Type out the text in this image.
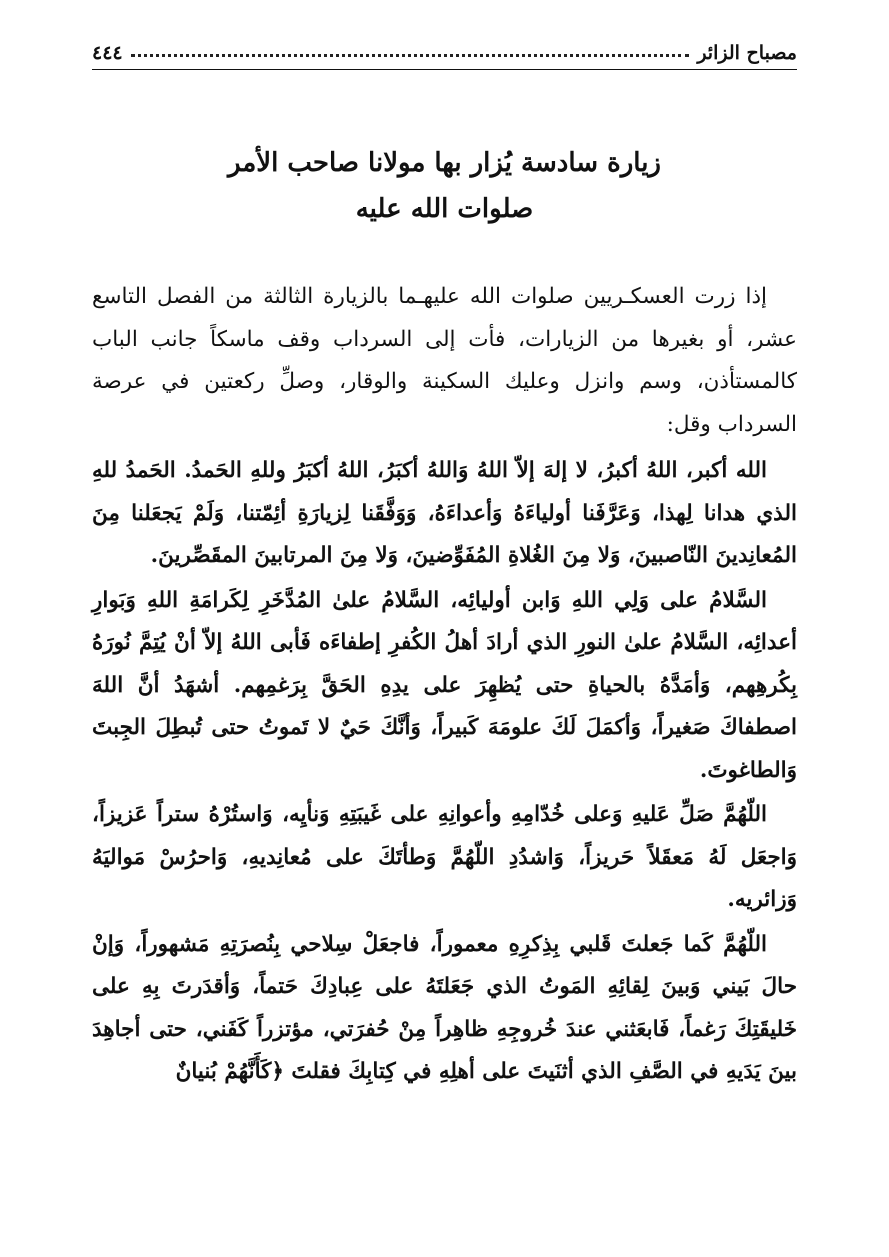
٤٤٤	مصباح الزائر
زيارة سادسة يُزار بها مولانا صاحب الأمر
صلوات الله عليه

إذا زرت العسكـريين صلوات الله عليهـما بالزيارة الثالثة من الفصل التاسع عشر، أو بغيرها من الزيارات، فأت إلى السرداب وقف ماسكاً جانب الباب كالمستأذن، وسم وانزل وعليك السكينة والوقار، وصلِّ ركعتين في عرصة السرداب وقل:

الله أكبر، اللهُ أكبرُ، لا إلهَ إلاّ اللهُ وَاللهُ أكبَرُ، اللهُ أكبَرُ وللهِ الحَمدُ. الحَمدُ للهِ الذي هدانا لِهذا، وَعَرَّفَنا أولياءَهُ وَأعداءَهُ، وَوَفَّقَنا لِزيارَةِ أئِمّتنا، وَلَمْ يَجعَلنا مِنَ المُعانِدينَ النّاصبينَ، وَلا مِنَ الغُلاةِ المُفَوِّضينَ، وَلا مِنَ المرتابينَ المقَصِّرينَ.

السَّلامُ على وَلِي اللهِ وَابن أوليائِه، السَّلامُ علىٰ المُدَّخَرِ لِكَرامَةِ اللهِ وَبَوارِ أعدائِه، السَّلامُ علىٰ النورِ الذي أرادَ أهلُ الكُفرِ إطفاءَه فَأبى اللهُ إلاّ أنْ يُتِمَّ نُورَهُ بِكُرهِهم، وَأمَدَّهُ بالحياةِ حتى يُظهِرَ على يدِهِ الحَقَّ بِرَغمِهم. أشهَدُ أنَّ اللهَ اصطفاكَ صَغيراً، وَأكمَلَ لَكَ علومَهَ كَبيراً، وَأنَّكَ حَيٌ لا تَموتُ حتى تُبطِلَ الجِبتَ وَالطاغوتَ.

اللّهُمَّ صَلِّ عَليهِ وَعلى خُدّامِهِ وأعوانِهِ على غَيبَتِهِ وَنأيِه، وَاستُرْهُ ستراً عَزيزاً، وَاجعَل لَهُ مَعقَلاً حَريزاً، وَاشدُدِ اللّهُمَّ وَطأتَكَ على مُعانِديهِ، وَاحرُسْ مَواليَهُ وَزائريه.

اللّهُمَّ كَما جَعلتَ قَلبي بِذِكرِهِ معموراً، فاجعَلْ سِلاحي بِنُصرَتِهِ مَشهوراً، وَإنْ حالَ بَيني وَبينَ لِقائِهِ المَوتُ الذي جَعَلتَهُ على عِبادِكَ حَتماً، وَأقدَرتَ بِهِ على خَليقَتِكَ رَغماً، فَابعَثني عندَ خُروجِهِ ظاهِراً مِنْ حُفرَتي، مؤتزراً كَفَني، حتى أجاهِدَ بينَ يَدَيهِ في الصَّفِ الذي أثنَيتَ على أهلِهِ في كِتابِكَ فقلتَ ﴿كَأَنَّهُمْ بُنيانٌ
